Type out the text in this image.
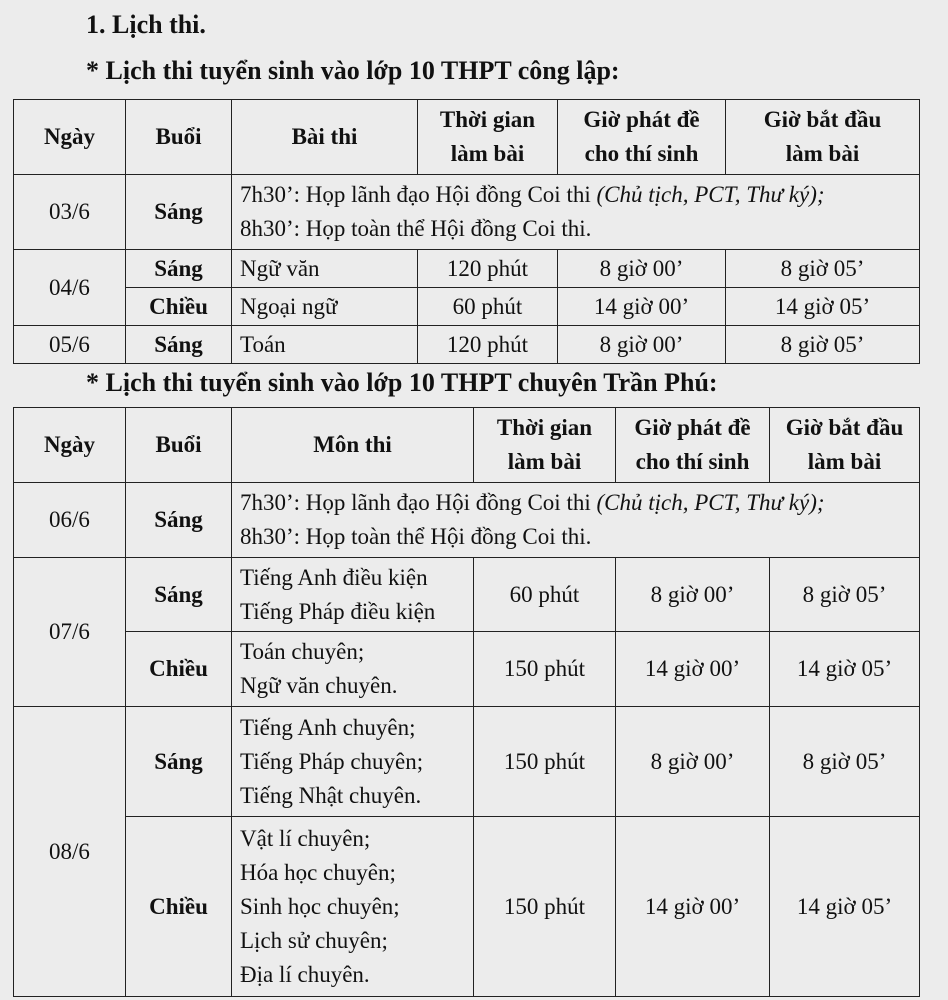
1. Lịch thi.
* Lịch thi tuyển sinh vào lớp 10 THPT công lập:
Ngày	Buổi	Bài thi	Thời gian
làm bài	Giờ phát đề
cho thí sinh	Giờ bắt đầu
làm bài

03/6	Sáng	7h30’: Họp lãnh đạo Hội đồng Coi thi (Chủ tịch, PCT, Thư ký);
8h30’: Họp toàn thể Hội đồng Coi thi.			

04/6	Sáng	Ngữ văn	120 phút	8 giờ 00’	8 giờ 05’
	Chiều	Ngoại ngữ	60 phút	14 giờ 00’	14 giờ 05’
05/6	Sáng	Toán	120 phút	8 giờ 00’	8 giờ 05’
* Lịch thi tuyển sinh vào lớp 10 THPT chuyên Trần Phú:
Ngày	Buổi	Môn thi	Thời gian
làm bài	Giờ phát đề
cho thí sinh	Giờ bắt đầu
làm bài

06/6	Sáng	7h30’: Họp lãnh đạo Hội đồng Coi thi (Chủ tịch, PCT, Thư ký);
8h30’: Họp toàn thể Hội đồng Coi thi.			

07/6	Sáng	Tiếng Anh điều kiện
Tiếng Pháp điều kiện	60 phút	8 giờ 00’	8 giờ 05’
	Chiều	Toán chuyên;
Ngữ văn chuyên.	150 phút	14 giờ 00’	14 giờ 05’
08/6	Sáng	Tiếng Anh chuyên;
Tiếng Pháp chuyên;
Tiếng Nhật chuyên.	150 phút	8 giờ 00’	8 giờ 05’
	Chiều	Vật lí chuyên;
Hóa học chuyên;
Sinh học chuyên;
Lịch sử chuyên;
Địa lí chuyên.	150 phút	14 giờ 00’	14 giờ 05’
